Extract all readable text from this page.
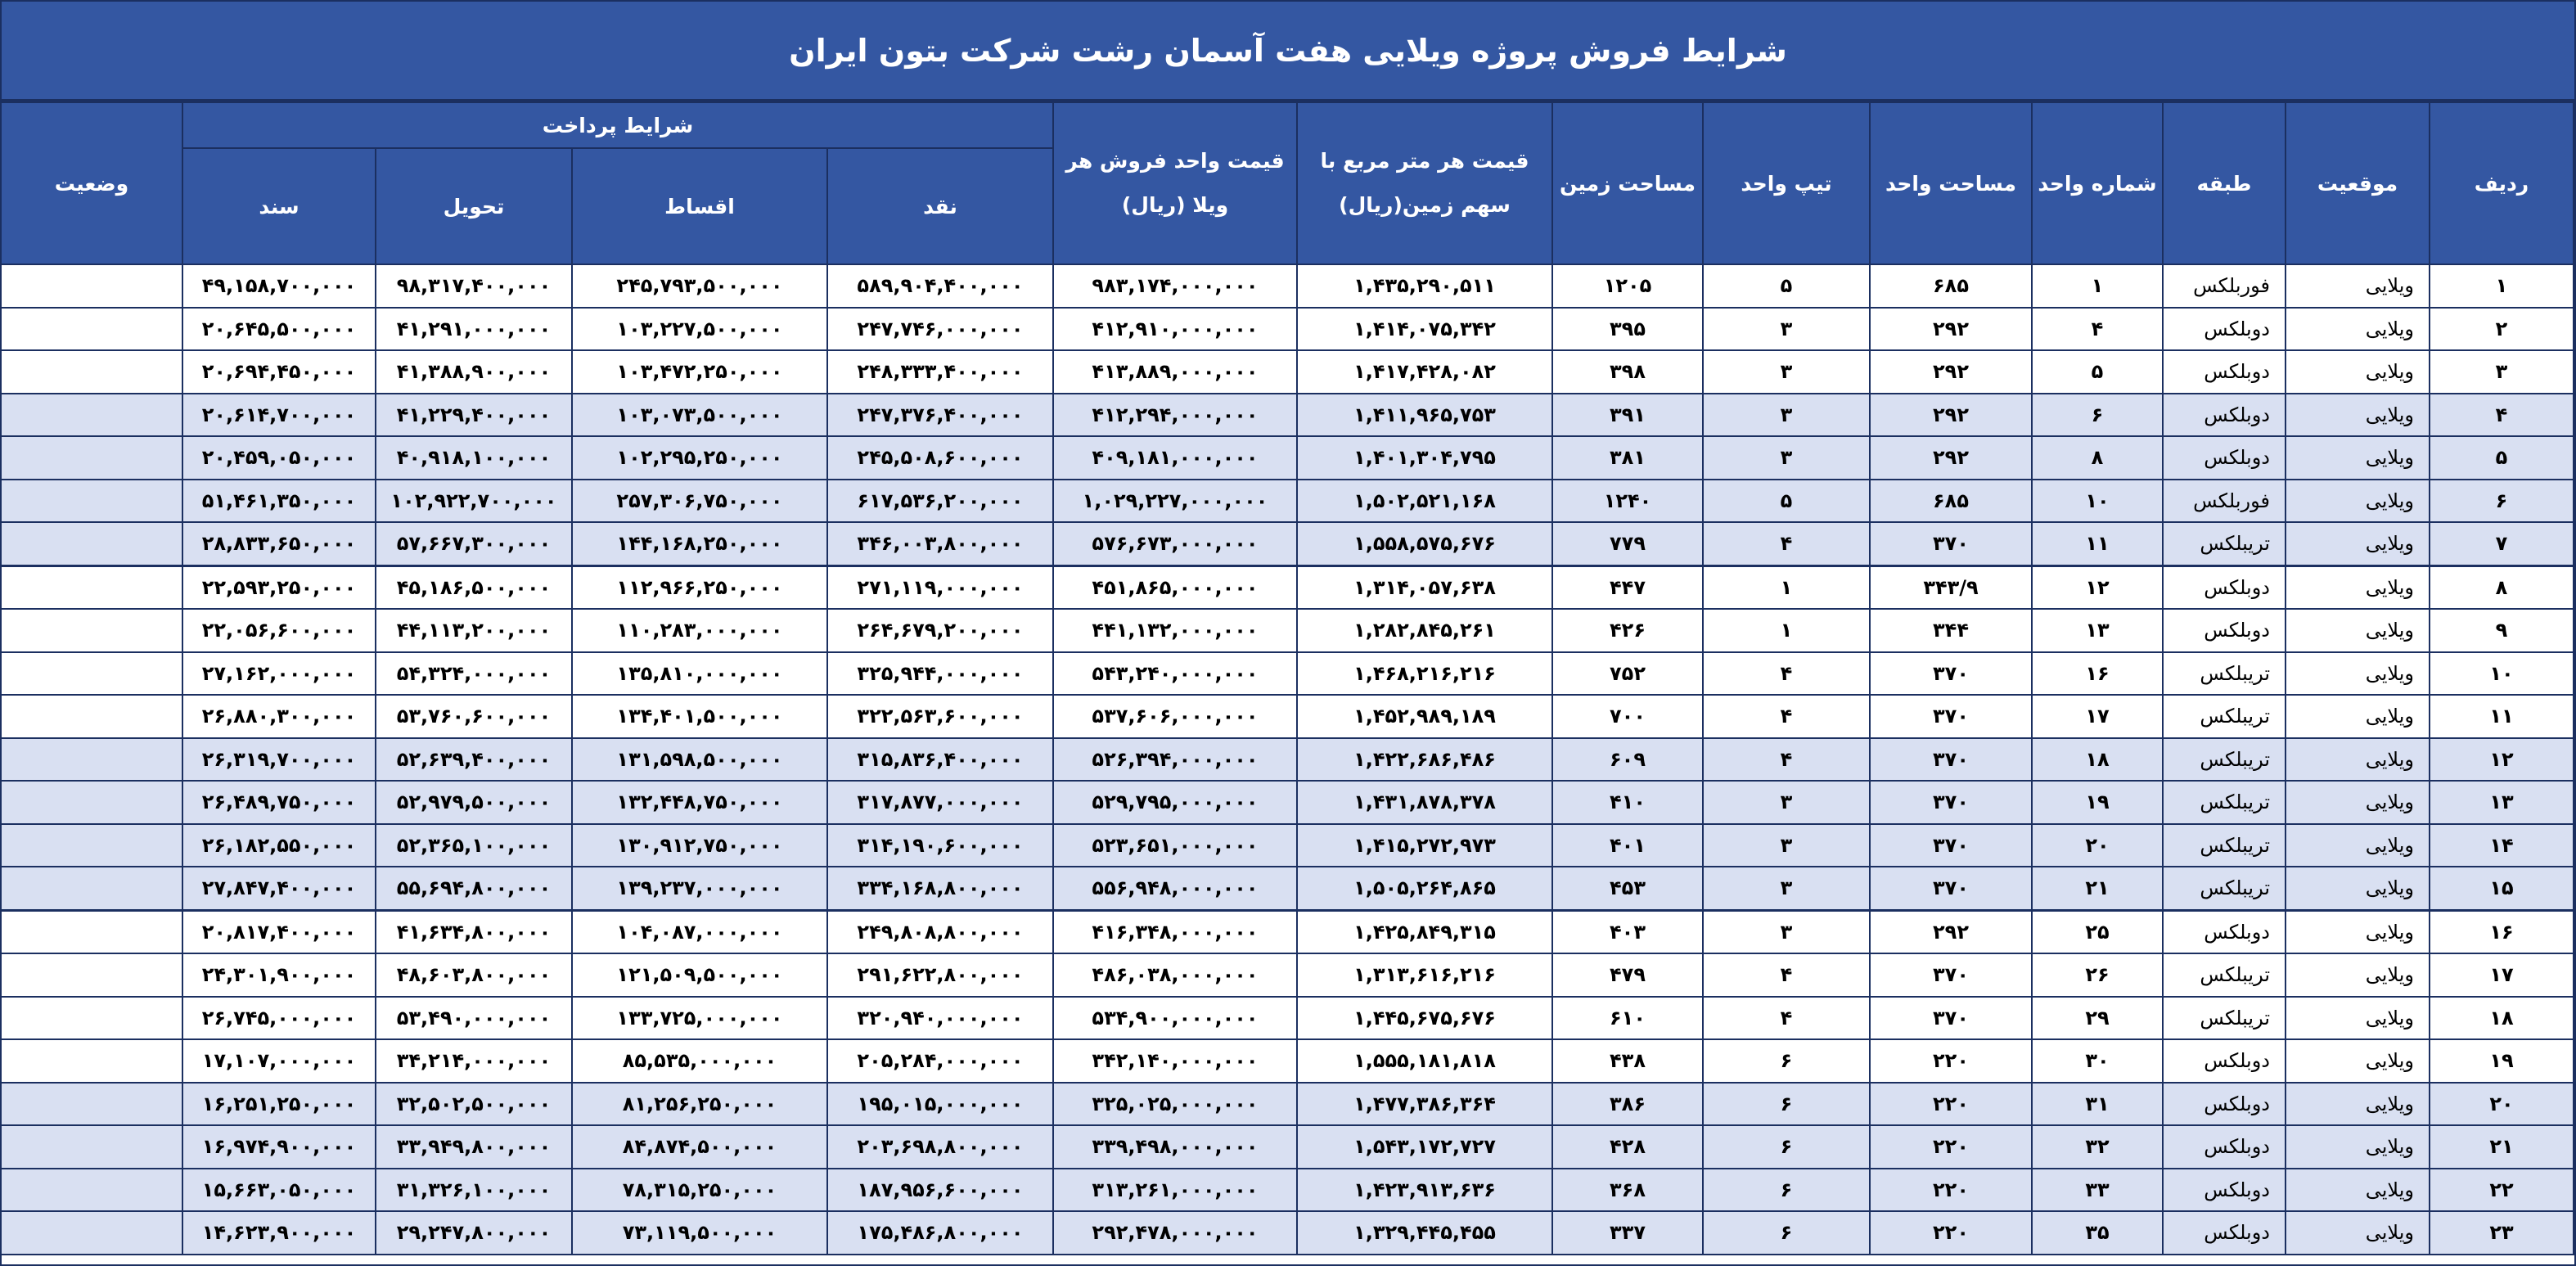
شرایط فروش پروژه ویلایی هفت آسمان رشت شرکت بتون ایران
ردیف	موقعیت	طبقه	شماره واحد	مساحت واحد	تیپ واحد	مساحت زمین	قیمت هر متر مربع با سهم زمین(ریال)	قیمت واحد فروش هر ویلا (ریال)	شرایط پرداخت				وضعیت
									نقد	اقساط	تحویل	سند	
۱	ویلایی	فوربلکس	۱	۶۸۵	۵	۱۲۰۵	۱,۴۳۵,۲۹۰,۵۱۱	۹۸۳,۱۷۴,۰۰۰,۰۰۰	۵۸۹,۹۰۴,۴۰۰,۰۰۰	۲۴۵,۷۹۳,۵۰۰,۰۰۰	۹۸,۳۱۷,۴۰۰,۰۰۰	۴۹,۱۵۸,۷۰۰,۰۰۰	
۲	ویلایی	دوبلکس	۴	۲۹۲	۳	۳۹۵	۱,۴۱۴,۰۷۵,۳۴۲	۴۱۲,۹۱۰,۰۰۰,۰۰۰	۲۴۷,۷۴۶,۰۰۰,۰۰۰	۱۰۳,۲۲۷,۵۰۰,۰۰۰	۴۱,۲۹۱,۰۰۰,۰۰۰	۲۰,۶۴۵,۵۰۰,۰۰۰	
۳	ویلایی	دوبلکس	۵	۲۹۲	۳	۳۹۸	۱,۴۱۷,۴۲۸,۰۸۲	۴۱۳,۸۸۹,۰۰۰,۰۰۰	۲۴۸,۳۳۳,۴۰۰,۰۰۰	۱۰۳,۴۷۲,۲۵۰,۰۰۰	۴۱,۳۸۸,۹۰۰,۰۰۰	۲۰,۶۹۴,۴۵۰,۰۰۰	
۴	ویلایی	دوبلکس	۶	۲۹۲	۳	۳۹۱	۱,۴۱۱,۹۶۵,۷۵۳	۴۱۲,۲۹۴,۰۰۰,۰۰۰	۲۴۷,۳۷۶,۴۰۰,۰۰۰	۱۰۳,۰۷۳,۵۰۰,۰۰۰	۴۱,۲۲۹,۴۰۰,۰۰۰	۲۰,۶۱۴,۷۰۰,۰۰۰	
۵	ویلایی	دوبلکس	۸	۲۹۲	۳	۳۸۱	۱,۴۰۱,۳۰۴,۷۹۵	۴۰۹,۱۸۱,۰۰۰,۰۰۰	۲۴۵,۵۰۸,۶۰۰,۰۰۰	۱۰۲,۲۹۵,۲۵۰,۰۰۰	۴۰,۹۱۸,۱۰۰,۰۰۰	۲۰,۴۵۹,۰۵۰,۰۰۰	
۶	ویلایی	فوربلکس	۱۰	۶۸۵	۵	۱۲۴۰	۱,۵۰۲,۵۲۱,۱۶۸	۱,۰۲۹,۲۲۷,۰۰۰,۰۰۰	۶۱۷,۵۳۶,۲۰۰,۰۰۰	۲۵۷,۳۰۶,۷۵۰,۰۰۰	۱۰۲,۹۲۲,۷۰۰,۰۰۰	۵۱,۴۶۱,۳۵۰,۰۰۰	
۷	ویلایی	تریبلکس	۱۱	۳۷۰	۴	۷۷۹	۱,۵۵۸,۵۷۵,۶۷۶	۵۷۶,۶۷۳,۰۰۰,۰۰۰	۳۴۶,۰۰۳,۸۰۰,۰۰۰	۱۴۴,۱۶۸,۲۵۰,۰۰۰	۵۷,۶۶۷,۳۰۰,۰۰۰	۲۸,۸۳۳,۶۵۰,۰۰۰	
۸	ویلایی	دوبلکس	۱۲	۳۴۳/۹	۱	۴۴۷	۱,۳۱۴,۰۵۷,۶۳۸	۴۵۱,۸۶۵,۰۰۰,۰۰۰	۲۷۱,۱۱۹,۰۰۰,۰۰۰	۱۱۲,۹۶۶,۲۵۰,۰۰۰	۴۵,۱۸۶,۵۰۰,۰۰۰	۲۲,۵۹۳,۲۵۰,۰۰۰	
۹	ویلایی	دوبلکس	۱۳	۳۴۴	۱	۴۲۶	۱,۲۸۲,۸۴۵,۲۶۱	۴۴۱,۱۳۲,۰۰۰,۰۰۰	۲۶۴,۶۷۹,۲۰۰,۰۰۰	۱۱۰,۲۸۳,۰۰۰,۰۰۰	۴۴,۱۱۳,۲۰۰,۰۰۰	۲۲,۰۵۶,۶۰۰,۰۰۰	
۱۰	ویلایی	تریبلکس	۱۶	۳۷۰	۴	۷۵۲	۱,۴۶۸,۲۱۶,۲۱۶	۵۴۳,۲۴۰,۰۰۰,۰۰۰	۳۲۵,۹۴۴,۰۰۰,۰۰۰	۱۳۵,۸۱۰,۰۰۰,۰۰۰	۵۴,۳۲۴,۰۰۰,۰۰۰	۲۷,۱۶۲,۰۰۰,۰۰۰	
۱۱	ویلایی	تریبلکس	۱۷	۳۷۰	۴	۷۰۰	۱,۴۵۲,۹۸۹,۱۸۹	۵۳۷,۶۰۶,۰۰۰,۰۰۰	۳۲۲,۵۶۳,۶۰۰,۰۰۰	۱۳۴,۴۰۱,۵۰۰,۰۰۰	۵۳,۷۶۰,۶۰۰,۰۰۰	۲۶,۸۸۰,۳۰۰,۰۰۰	
۱۲	ویلایی	تریبلکس	۱۸	۳۷۰	۴	۶۰۹	۱,۴۲۲,۶۸۶,۴۸۶	۵۲۶,۳۹۴,۰۰۰,۰۰۰	۳۱۵,۸۳۶,۴۰۰,۰۰۰	۱۳۱,۵۹۸,۵۰۰,۰۰۰	۵۲,۶۳۹,۴۰۰,۰۰۰	۲۶,۳۱۹,۷۰۰,۰۰۰	
۱۳	ویلایی	تریبلکس	۱۹	۳۷۰	۳	۴۱۰	۱,۴۳۱,۸۷۸,۳۷۸	۵۲۹,۷۹۵,۰۰۰,۰۰۰	۳۱۷,۸۷۷,۰۰۰,۰۰۰	۱۳۲,۴۴۸,۷۵۰,۰۰۰	۵۲,۹۷۹,۵۰۰,۰۰۰	۲۶,۴۸۹,۷۵۰,۰۰۰	
۱۴	ویلایی	تریبلکس	۲۰	۳۷۰	۳	۴۰۱	۱,۴۱۵,۲۷۲,۹۷۳	۵۲۳,۶۵۱,۰۰۰,۰۰۰	۳۱۴,۱۹۰,۶۰۰,۰۰۰	۱۳۰,۹۱۲,۷۵۰,۰۰۰	۵۲,۳۶۵,۱۰۰,۰۰۰	۲۶,۱۸۲,۵۵۰,۰۰۰	
۱۵	ویلایی	تریبلکس	۲۱	۳۷۰	۳	۴۵۳	۱,۵۰۵,۲۶۴,۸۶۵	۵۵۶,۹۴۸,۰۰۰,۰۰۰	۳۳۴,۱۶۸,۸۰۰,۰۰۰	۱۳۹,۲۳۷,۰۰۰,۰۰۰	۵۵,۶۹۴,۸۰۰,۰۰۰	۲۷,۸۴۷,۴۰۰,۰۰۰	
۱۶	ویلایی	دوبلکس	۲۵	۲۹۲	۳	۴۰۳	۱,۴۲۵,۸۴۹,۳۱۵	۴۱۶,۳۴۸,۰۰۰,۰۰۰	۲۴۹,۸۰۸,۸۰۰,۰۰۰	۱۰۴,۰۸۷,۰۰۰,۰۰۰	۴۱,۶۳۴,۸۰۰,۰۰۰	۲۰,۸۱۷,۴۰۰,۰۰۰	
۱۷	ویلایی	تریبلکس	۲۶	۳۷۰	۴	۴۷۹	۱,۳۱۳,۶۱۶,۲۱۶	۴۸۶,۰۳۸,۰۰۰,۰۰۰	۲۹۱,۶۲۲,۸۰۰,۰۰۰	۱۲۱,۵۰۹,۵۰۰,۰۰۰	۴۸,۶۰۳,۸۰۰,۰۰۰	۲۴,۳۰۱,۹۰۰,۰۰۰	
۱۸	ویلایی	تریبلکس	۲۹	۳۷۰	۴	۶۱۰	۱,۴۴۵,۶۷۵,۶۷۶	۵۳۴,۹۰۰,۰۰۰,۰۰۰	۳۲۰,۹۴۰,۰۰۰,۰۰۰	۱۳۳,۷۲۵,۰۰۰,۰۰۰	۵۳,۴۹۰,۰۰۰,۰۰۰	۲۶,۷۴۵,۰۰۰,۰۰۰	
۱۹	ویلایی	دوبلکس	۳۰	۲۲۰	۶	۴۳۸	۱,۵۵۵,۱۸۱,۸۱۸	۳۴۲,۱۴۰,۰۰۰,۰۰۰	۲۰۵,۲۸۴,۰۰۰,۰۰۰	۸۵,۵۳۵,۰۰۰,۰۰۰	۳۴,۲۱۴,۰۰۰,۰۰۰	۱۷,۱۰۷,۰۰۰,۰۰۰	
۲۰	ویلایی	دوبلکس	۳۱	۲۲۰	۶	۳۸۶	۱,۴۷۷,۳۸۶,۳۶۴	۳۲۵,۰۲۵,۰۰۰,۰۰۰	۱۹۵,۰۱۵,۰۰۰,۰۰۰	۸۱,۲۵۶,۲۵۰,۰۰۰	۳۲,۵۰۲,۵۰۰,۰۰۰	۱۶,۲۵۱,۲۵۰,۰۰۰	
۲۱	ویلایی	دوبلکس	۳۲	۲۲۰	۶	۴۲۸	۱,۵۴۳,۱۷۲,۷۲۷	۳۳۹,۴۹۸,۰۰۰,۰۰۰	۲۰۳,۶۹۸,۸۰۰,۰۰۰	۸۴,۸۷۴,۵۰۰,۰۰۰	۳۳,۹۴۹,۸۰۰,۰۰۰	۱۶,۹۷۴,۹۰۰,۰۰۰	
۲۲	ویلایی	دوبلکس	۳۳	۲۲۰	۶	۳۶۸	۱,۴۲۳,۹۱۳,۶۳۶	۳۱۳,۲۶۱,۰۰۰,۰۰۰	۱۸۷,۹۵۶,۶۰۰,۰۰۰	۷۸,۳۱۵,۲۵۰,۰۰۰	۳۱,۳۲۶,۱۰۰,۰۰۰	۱۵,۶۶۳,۰۵۰,۰۰۰	
۲۳	ویلایی	دوبلکس	۳۵	۲۲۰	۶	۳۳۷	۱,۳۲۹,۴۴۵,۴۵۵	۲۹۲,۴۷۸,۰۰۰,۰۰۰	۱۷۵,۴۸۶,۸۰۰,۰۰۰	۷۳,۱۱۹,۵۰۰,۰۰۰	۲۹,۲۴۷,۸۰۰,۰۰۰	۱۴,۶۲۳,۹۰۰,۰۰۰	
